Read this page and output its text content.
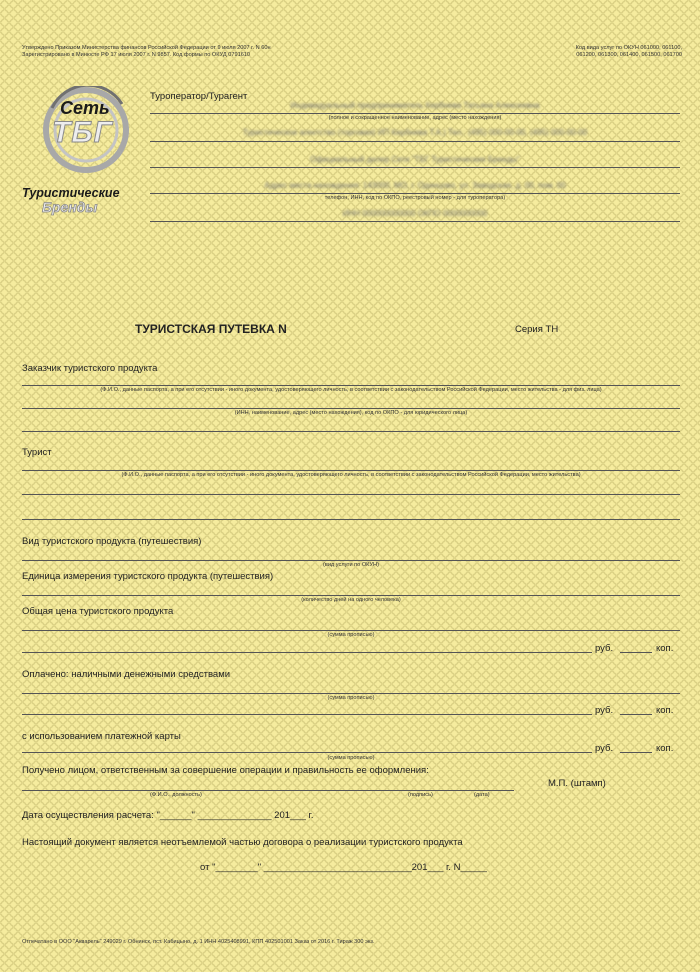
Утверждено Приказом Министерства финансов Российской Федерации от 9 июля 2007 г. N 60н
Зарегистрировано в Минюсте РФ 17 июля 2007 г. N 9857. Код формы по ОКУД 0791610
Код вида услуг по ОКУН 061000, 061100,
061200, 061300, 061400, 061500, 061700
Сеть
ТБГ
Туристические
Бренды
Туроператор/Турагент
Индивидуальный предприниматель Кербнева Татьяна Алексеевна
(полное и сокращенное наименование, адрес (место нахождения)
Туристическое агентство (торговая) ИП Кербнева Т.А.) Тел.: (495) 000-00-00, (495) 000-00-00
Официальный дилер Сети "ТБГ Туристические Бренды"
Адрес места нахождения: 143000, МО, г. Одинцово, ул. Заводская, д. 00, пом. 00
телефон, ИНН, код по ОКПО, реестровый номер - для туроператора)
ИНН 000000000000 ОКПО 0000000000
ТУРИСТСКАЯ ПУТЕВКА N	Серия ТН
Заказчик туристского продукта
(Ф.И.О., данные паспорта, а при его отсутствии - иного документа, удостоверяющего личность, в соответствии с законодательством Российской Федерации, место жительства - для физ. лица)
(ИНН, наименование, адрес (место нахождения), код по ОКПО - для юридического лица)
Турист
(Ф.И.О., данные паспорта, а при его отсутствии - иного документа, удостоверяющего личность, в соответствии с законодательством Российской Федерации, место жительства)
Вид туристского продукта (путешествия)
(вид услуги по ОКУН)
Единица измерения туристского продукта (путешествия)
(количество дней на одного человека)
Общая цена туристского продукта
(сумма прописью)
руб.	коп.
Оплачено: наличными денежными средствами
(сумма прописью)
руб.	коп.
с использованием платежной карты
(сумма прописью)
руб.	коп.
Получено лицом, ответственным за совершение операции и правильность ее оформления:
М.П. (штамп)
(Ф.И.О., должность)	(подпись)	(дата)
Дата осуществления расчета: "______" ______________ 201___ г.
Настоящий документ является неотъемлемой частью договора о реализации туристского продукта
от "________" ____________________________201___ г. N_____
Отпечатано в ООО "Акварель" 249029 г. Обнинск, пст. Кабицыно, д. 1 ИНН 4025408991, КПП 402501001 Заказ от 2016 г. Тираж 300 экз.
